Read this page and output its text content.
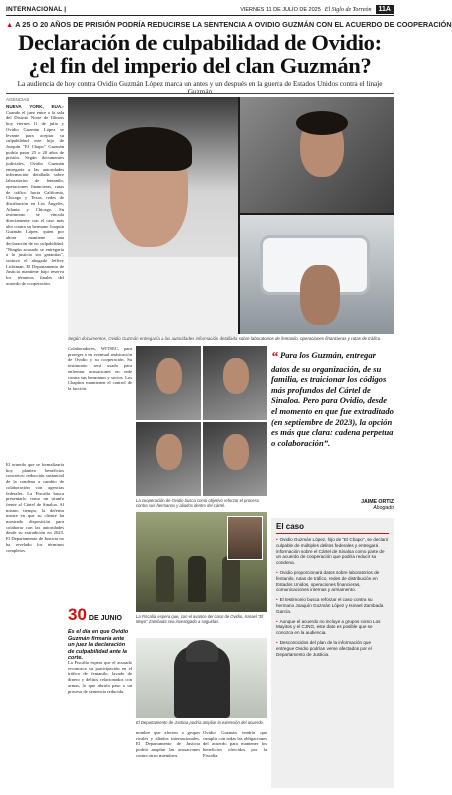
INTERNACIONAL |	VIERNES 11 DE JULIO DE 2025 El Siglo de Torreón	11A
▲ A 25 O 20 AÑOS DE PRISIÓN PODRÍA REDUCIRSE LA SENTENCIA A OVIDIO GUZMÁN CON EL ACUERDO DE COOPERACIÓN
Declaración de culpabilidad de Ovidio:
¿el fin del imperio del clan Guzmán?
La audiencia de hoy contra Ovidio Guzmán López marca un antes y un después en la guerra de Estados Unidos contra el linaje Guzmán
AGENCIAS

NUEVA YORK, EUA.- Cuando el juez entre a la sala del Distrito Norte de Illinois hoy viernes 11 de julio y Ovidio Guzmán López se levante para aceptar su culpabilidad este hijo de Joaquín "El Chapo" Guzmán podría pasar 25 o 20 años de prisión. Según documentos judiciales, Ovidio Guzmán entregaría a las autoridades información detallada sobre laboratorios de fentanilo, operaciones financieras, rutas de tráfico hacia California, Chicago y Texas, redes de distribución en Los Ángeles, Atlanta y Chicago. Su testimonio se vincula directamente con el caso más alto contra su hermano Joaquín Guzmán López, quien por ahora mantiene una declaración de no culpabilidad. "Ningún acusado se entregaría a la justicia sin garantías", sostuvo el abogado Jeffrey Lichtman. El Departamento de Justicia mantiene bajo reserva los términos finales del acuerdo de cooperación.

Según documentos, Ovidio Guzmán entregaría a las autoridades información detallada sobre laboratorios de fentanilo, operaciones financieras y rutas de tráfico.

Colaboradores, WITSEC, para proteger a su eventual reubicación de Ovidio y su cooperación. Su testimonio será usado para enfrentar acusaciones en sede contra sus hermanos y socios. Los Chapitos mantienen el control de la facción.

La cooperación de Ovidio busca como objetivo reforzar el proceso contra sus hermanos y aliados dentro del cártel.
“ Para los Guzmán, entregar datos de su organización, de su familia, es traicionar los códigos más profundos del Cártel de Sinaloa. Pero para Ovidio, desde el momento en que fue extraditado (en septiembre de 2023), la opción es más que clara: cadena perpetua o colaboración”.
JAIME ORTIZ
Abogado
El caso
• Ovidio Guzmán López, hijo de "El Chapo", se declaró culpable de múltiples delitos federales y entregará información sobre el Cártel de Sinaloa como parte de un acuerdo de cooperación que podría reducir su condena.
• Ovidio proporcionará datos sobre laboratorios de fentanilo, rutas de tráfico, redes de distribución en Estados Unidos, operaciones financieras, comunicaciones internas y armamento.
• El testimonio busca reforzar el caso contra su hermano Joaquín Guzmán López y Ismael Zambada García.
• Aunque el acuerdo no incluye a grupos como Los Mayitos y el CJNG, este dato es posible que se conozca en la audiencia.
• Desconocidos del plan de la información que entregue Ovidio podrían verse afectados por el Departamento de Justicia.
La Fiscalía espera que, con el avance del caso de Ovidio, Ismael "El Mayo" Zambada sea investigado a seguidas.
30 DE JUNIO
Es el día en que Ovidio Guzmán firmaría ante un juez la declaración de culpabilidad ante la corte.
El Departamento de Justicia podría ampliar la extensión del acuerdo.

El acuerdo que se formalizaría hoy plantea beneficios concretos: reducción sustancial de la condena a cambio de colaboración con agencias federales. La Fiscalía busca presentarlo como un triunfo frente al Cártel de Sinaloa. Al mismo tiempo, la defensa insiste en que su cliente ha mostrado disposición para colaborar con las autoridades desde su extradición en 2023. El Departamento de Justicia no ha revelado los términos completos.

La Fiscalía espera que el acusado reconozca su participación en el tráfico de fentanilo, lavado de dinero y delitos relacionados con armas, lo que abriría paso a un proceso de sentencia reducida.

nombre que afecten a grupos rivales y aliados internacionales. El Departamento de Justicia podría ampliar las acusaciones contra otros miembros.

Ovidio Guzmán tendría que cumplir con todas las obligaciones del acuerdo para mantener los beneficios ofrecidos por la Fiscalía.
